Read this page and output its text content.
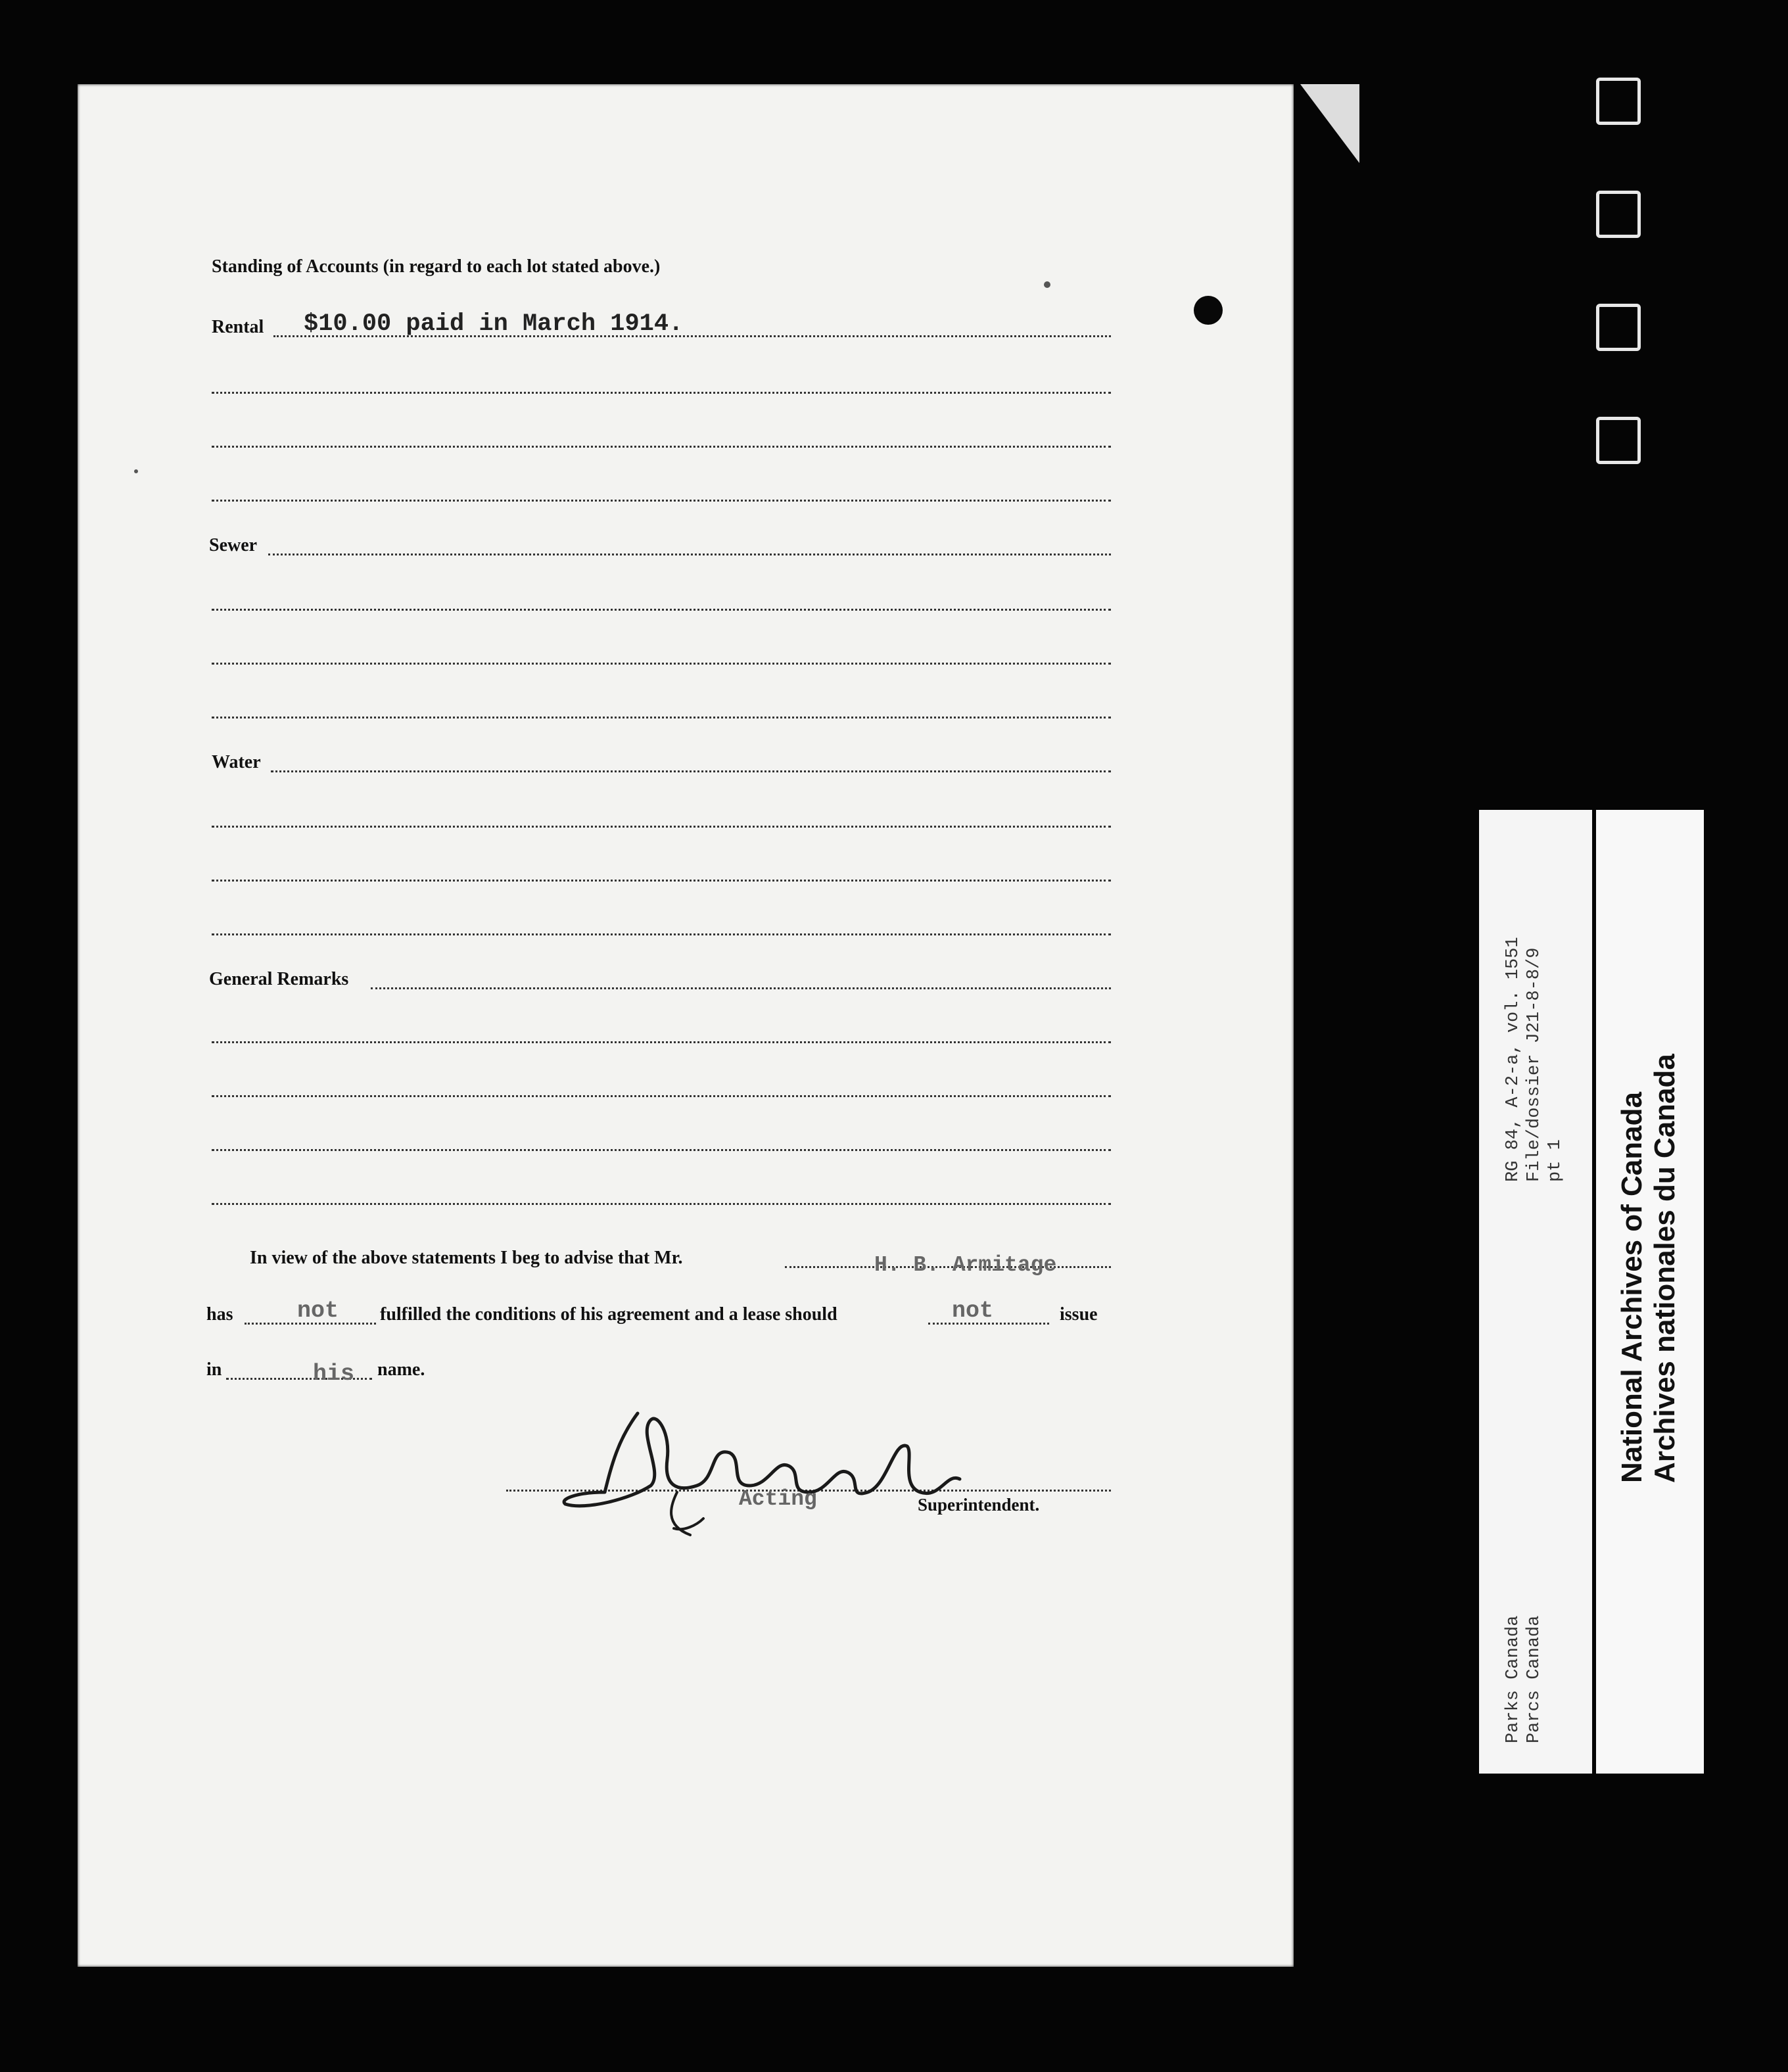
Standing of Accounts (in regard to each lot stated above.)
Rental $10.00 paid in March 1914.
Sewer
Water
General Remarks
In view of the above statements I beg to advise that Mr.	H. B. Armitage
has	not fulfilled the conditions of his agreement and a lease should	not	issue
in	his name.
Acting	Superintendent.
RG 84, A-2-a, vol. 1551
File/dossier J21-8-8/9
pt 1
Parks Canada
Parcs Canada
National Archives of Canada
Archives nationales du Canada
